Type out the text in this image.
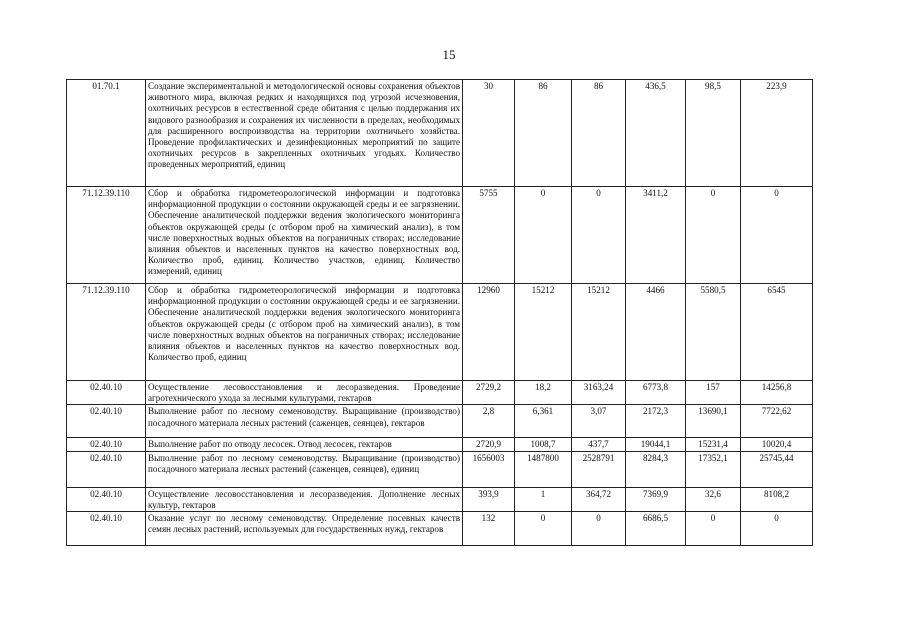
15
01.70.1	Создание экспериментальной и методологической основы сохранения объектов животного мира, включая редких и находящихся под угрозой исчезновения, охотничьих ресурсов в естественной среде обитания с целью поддержания их видового разнообразия и сохранения их численности в пределах, необходимых для расширенного воспроизводства на территории охотничьего хозяйства. Проведение профилактических и дезинфекционных мероприятий по защите охотничьих ресурсов в закрепленных охотничьих угодьях. Количество проведенных мероприятий, единиц	30	86	86	436,5	98,5	223,9
71.12.39.110	Сбор и обработка гидрометеорологической информации и подготовка информационной продукции о состоянии окружающей среды и ее загрязнении. Обеспечение аналитической поддержки ведения экологического мониторинга объектов окружающей среды (с отбором проб на химический анализ), в том числе поверхностных водных объектов на пограничных створах; исследование влияния объектов и населенных пунктов на качество поверхностных вод. Количество проб, единиц. Количество участков, единиц. Количество измерений, единиц	5755	0	0	3411,2	0	0
71.12.39.110	Сбор и обработка гидрометеорологической информации и подготовка информационной продукции о состоянии окружающей среды и ее загрязнении. Обеспечение аналитической поддержки ведения экологического мониторинга объектов окружающей среды (с отбором проб на химический анализ), в том числе поверхностных водных объектов на пограничных створах; исследование влияния объектов и населенных пунктов на качество поверхностных вод. Количество проб, единиц	12960	15212	15212	4466	5580,5	6545
02.40.10	Осуществление лесовосстановления и лесоразведения. Проведение агротехнического ухода за лесными культурами, гектаров	2729,2	18,2	3163,24	6773,8	157	14256,8
02.40.10	Выполнение работ по лесному семеноводству. Выращивание (производство) посадочного материала лесных растений (саженцев, сеянцев), гектаров	2,8	6,361	3,07	2172,3	13690,1	7722,62
02.40.10	Выполнение работ по отводу лесосек. Отвод лесосек, гектаров	2720,9	1008,7	437,7	19044,1	15231,4	10020,4
02.40.10	Выполнение работ по лесному семеноводству. Выращивание (производство) посадочного материала лесных растений (саженцев, сеянцев), единиц	1656003	1487800	2528791	8284,3	17352,1	25745,44
02.40.10	Осуществление лесовосстановления и лесоразведения. Дополнение лесных культур, гектаров	393,9	1	364,72	7369,9	32,6	8108,2
02.40.10	Оказание услуг по лесному семеноводству. Определение посевных качеств семян лесных растений, используемых для государственных нужд, гектаров	132	0	0	6686,5	0	0
